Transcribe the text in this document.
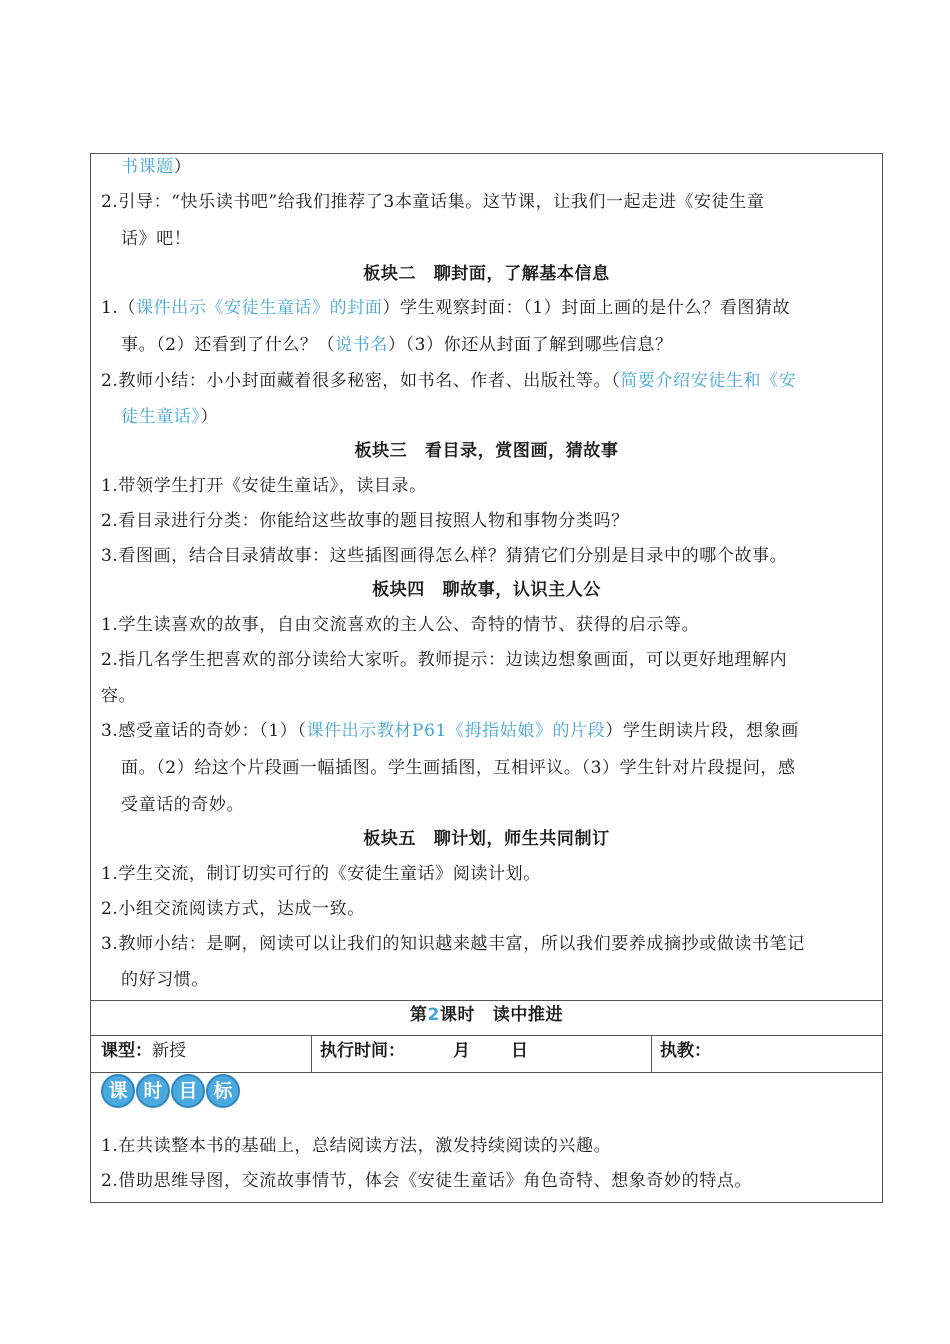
书课题）
2.引导：“快乐读书吧”给我们推荐了3本童话集。这节课，让我们一起走进《安徒生童
话》吧！
板块二　聊封面，了解基本信息
1.（课件出示《安徒生童话》的封面）学生观察封面：（1）封面上画的是什么？看图猜故
事。（2）还看到了什么？（说书名）（3）你还从封面了解到哪些信息？
2.教师小结：小小封面藏着很多秘密，如书名、作者、出版社等。（简要介绍安徒生和《安
徒生童话》）
板块三　看目录，赏图画，猜故事
1.带领学生打开《安徒生童话》，读目录。
2.看目录进行分类：你能给这些故事的题目按照人物和事物分类吗？
3.看图画，结合目录猜故事：这些插图画得怎么样？猜猜它们分别是目录中的哪个故事。
板块四　聊故事，认识主人公
1.学生读喜欢的故事，自由交流喜欢的主人公、奇特的情节、获得的启示等。
2.指几名学生把喜欢的部分读给大家听。教师提示：边读边想象画面，可以更好地理解内
容。
3.感受童话的奇妙：（1）（课件出示教材P61《拇指姑娘》的片段）学生朗读片段，想象画
面。（2）给这个片段画一幅插图。学生画插图，互相评议。（3）学生针对片段提问，感
受童话的奇妙。
板块五　聊计划，师生共同制订
1.学生交流，制订切实可行的《安徒生童话》阅读计划。
2.小组交流阅读方式，达成一致。
3.教师小结：是啊，阅读可以让我们的知识越来越丰富，所以我们要养成摘抄或做读书笔记
的好习惯。
第2课时　读中推进
课型：新授	执行时间：	月 日	执教：
课 时 目 标
1.在共读整本书的基础上，总结阅读方法，激发持续阅读的兴趣。
2.借助思维导图，交流故事情节，体会《安徒生童话》角色奇特、想象奇妙的特点。
